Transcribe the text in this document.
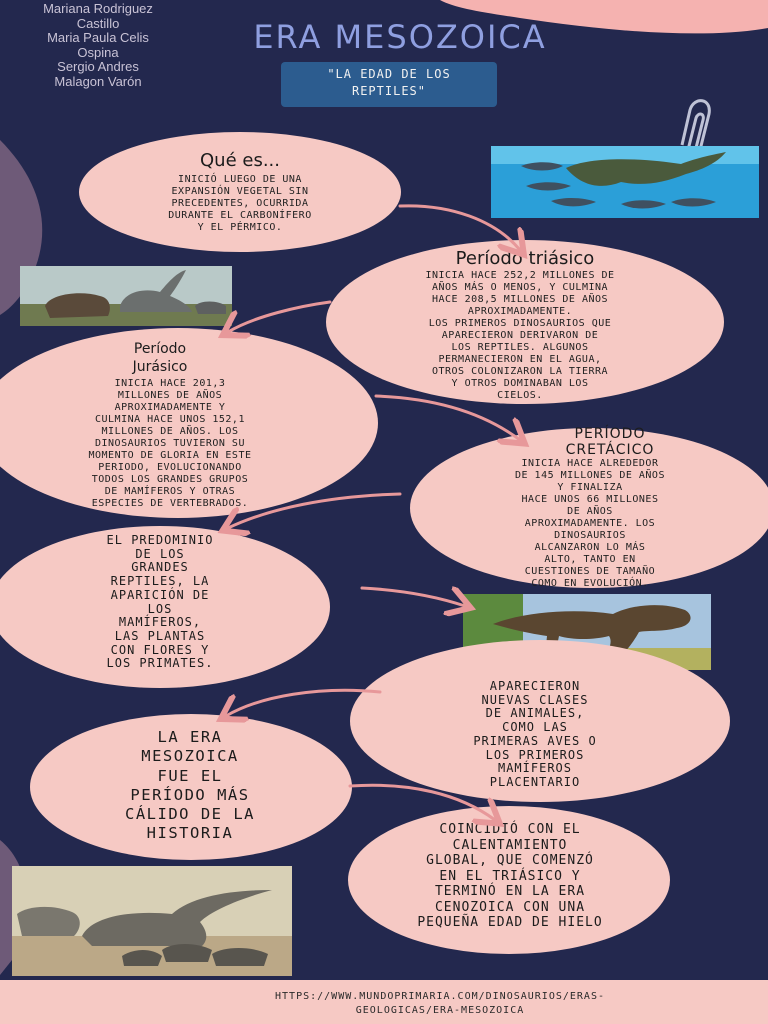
Mariana Rodriguez
Castillo
Maria Paula Celis
Ospina
Sergio Andres
Malagon Varón
ERA MESOZOICA
"LA EDAD DE LOS
REPTILES"
Qué es...
INICIÓ LUEGO DE UNA
EXPANSIÓN VEGETAL SIN
PRECEDENTES, OCURRIDA
DURANTE EL CARBONÍFERO
Y EL PÉRMICO.
Período triásico
INICIA HACE 252,2 MILLONES DE
AÑOS MÁS O MENOS, Y CULMINA
HACE 208,5 MILLONES DE AÑOS
APROXIMADAMENTE.
LOS PRIMEROS DINOSAURIOS QUE
APARECIERON DERIVARON DE
LOS REPTILES. ALGUNOS
PERMANECIERON EN EL AGUA,
OTROS COLONIZARON LA TIERRA
Y OTROS DOMINABAN LOS
CIELOS.
Período
Jurásico
INICIA HACE 201,3
MILLONES DE AÑOS
APROXIMADAMENTE Y
CULMINA HACE UNOS 152,1
MILLONES DE AÑOS. LOS
DINOSAURIOS TUVIERON SU
MOMENTO DE GLORIA EN ESTE
PERIODO, EVOLUCIONANDO
TODOS LOS GRANDES GRUPOS
DE MAMÍFEROS Y OTRAS
ESPECIES DE VERTEBRADOS.
PERÍODO
CRETÁCICO
INICIA HACE ALREDEDOR
DE 145 MILLONES DE AÑOS
Y FINALIZA
HACE UNOS 66 MILLONES
DE AÑOS
APROXIMADAMENTE. LOS
DINOSAURIOS
ALCANZARON LO MÁS
ALTO, TANTO EN
CUESTIONES DE TAMAÑO
COMO EN EVOLUCIÓN.
EL PREDOMINIO
DE LOS
GRANDES
REPTILES, LA
APARICIÓN DE
LOS
MAMÍFEROS,
LAS PLANTAS
CON FLORES Y
LOS PRIMATES.
APARECIERON
NUEVAS CLASES
DE ANIMALES,
COMO LAS
PRIMERAS AVES O
LOS PRIMEROS
MAMÍFEROS
PLACENTARIO
LA ERA
MESOZOICA
FUE EL
PERÍODO MÁS
CÁLIDO DE LA
HISTORIA	COINCIDIÓ CON EL
CALENTAMIENTO
GLOBAL, QUE COMENZÓ
EN EL TRIÁSICO Y
TERMINÓ EN LA ERA
CENOZOICA CON UNA
PEQUEÑA EDAD DE HIELO
HTTPS://WWW.MUNDOPRIMARIA.COM/DINOSAURIOS/ERAS-
GEOLOGICAS/ERA-MESOZOICA
